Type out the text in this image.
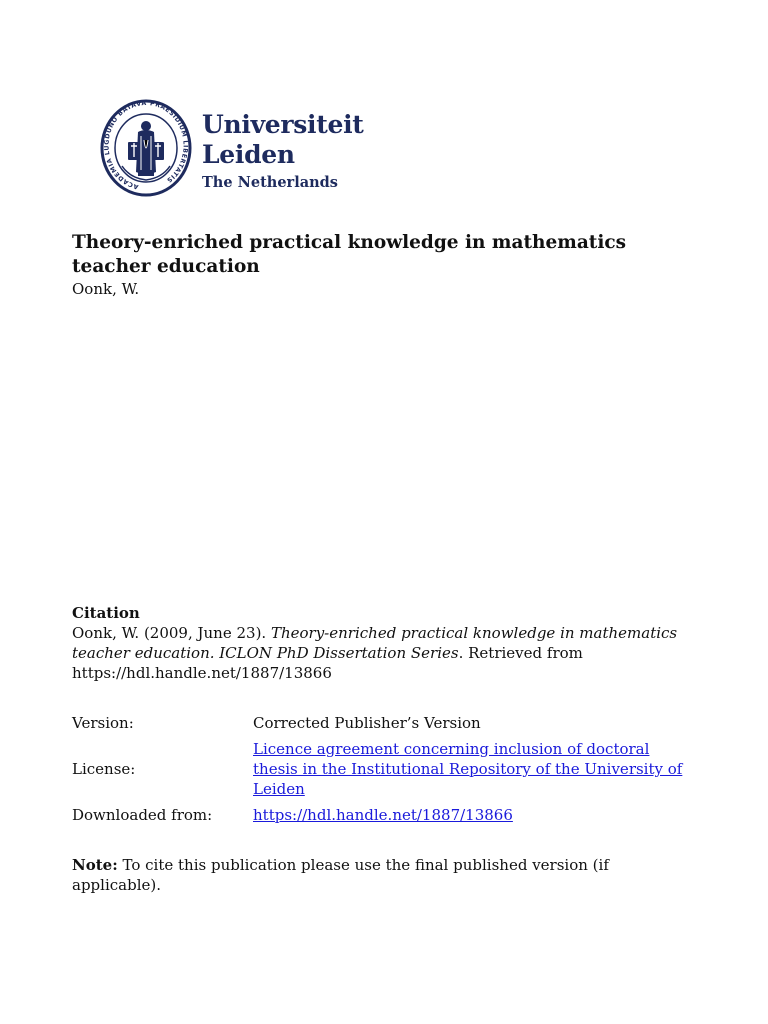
ACADEMIA LUGDUNO BATAVA PRAESIDIUM LIBERTATIS
Universiteit
Leiden
The Netherlands
Theory-enriched practical knowledge in mathematics teacher education
Oonk, W.
Citation
Oonk, W. (2009, June 23). Theory-enriched practical knowledge in mathematics teacher education. ICLON PhD Dissertation Series. Retrieved from https://hdl.handle.net/1887/13866
Version:	Corrected Publisher’s Version
License:
Licence agreement concerning inclusion of doctoral thesis in the Institutional Repository of the University of Leiden
Downloaded from:	https://hdl.handle.net/1887/13866
Note: To cite this publication please use the final published version (if applicable).
